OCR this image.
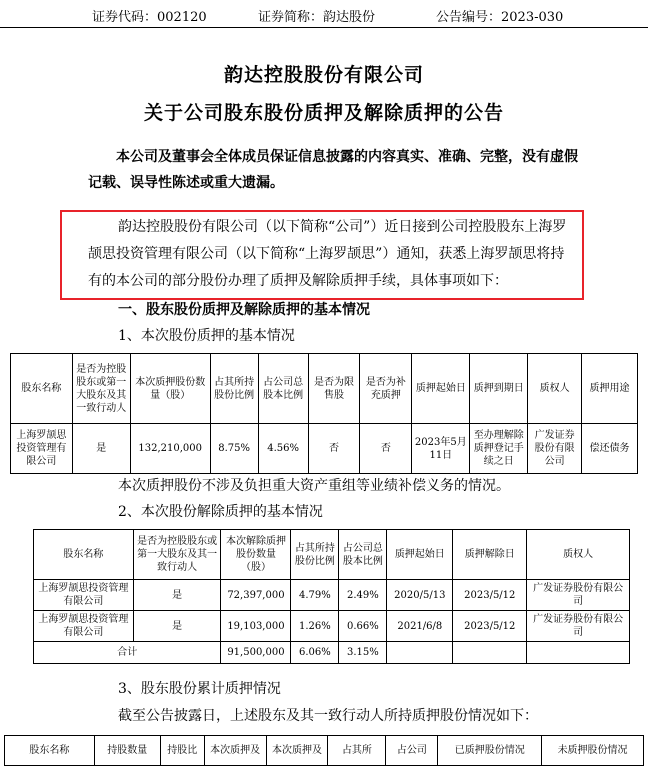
证券代码：002120	证券简称：韵达股份	公告编号：2023-030
韵达控股股份有限公司
关于公司股东股份质押及解除质押的公告
本公司及董事会全体成员保证信息披露的内容真实、准确、完整，没有虚假
记载、误导性陈述或重大遗漏。
韵达控股股份有限公司（以下简称“公司”）近日接到公司控股股东上海罗
颉思投资管理有限公司（以下简称“上海罗颉思”）通知，获悉上海罗颉思将持
有的本公司的部分股份办理了质押及解除质押手续，具体事项如下：
一、股东股份质押及解除质押的基本情况
1、本次股份质押的基本情况
股东名称	是否为控股股东或第一大股东及其一致行动人	本次质押股份数量（股）	占其所持股份比例	占公司总股本比例	是否为限售股	是否为补充质押	质押起始日	质押到期日	质权人	质押用途
上海罗颉思投资管理有限公司	是	132,210,000	8.75%	4.56%	否	否	2023年5月11日	至办理解除质押登记手续之日	广发证券股份有限公司	偿还债务
本次质押股份不涉及负担重大资产重组等业绩补偿义务的情况。
2、本次股份解除质押的基本情况
股东名称	是否为控股股东或第一大股东及其一致行动人	本次解除质押股份数量（股）	占其所持股份比例	占公司总股本比例	质押起始日	质押解除日	质权人
上海罗颉思投资管理有限公司	是	72,397,000	4.79%	2.49%	2020/5/13	2023/5/12	广发证券股份有限公司
上海罗颉思投资管理有限公司	是	19,103,000	1.26%	0.66%	2021/6/8	2023/5/12	广发证券股份有限公司
合计		91,500,000	6.06%	3.15%			
3、股东股份累计质押情况
截至公告披露日，上述股东及其一致行动人所持质押股份情况如下：
股东名称	持股数量	持股比	本次质押及	本次质押及	占其所	占公司	已质押股份情况	未质押股份情况
